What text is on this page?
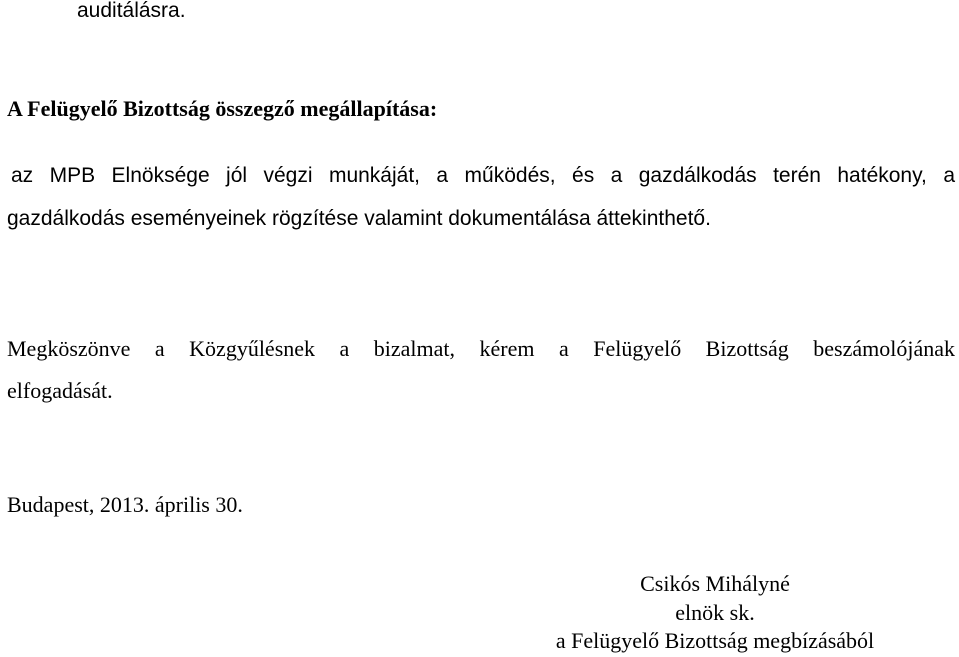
auditálásra.
A Felügyelő Bizottság összegző megállapítása:
az MPB Elnöksége jól végzi munkáját, a működés, és a gazdálkodás terén hatékony, a
gazdálkodás eseményeinek rögzítése valamint dokumentálása áttekinthető.
Megköszönve a Közgyűlésnek a bizalmat, kérem a Felügyelő Bizottság beszámolójának
elfogadását.
Budapest, 2013. április 30.
Csikós Mihályné
elnök sk.
a Felügyelő Bizottság megbízásából
